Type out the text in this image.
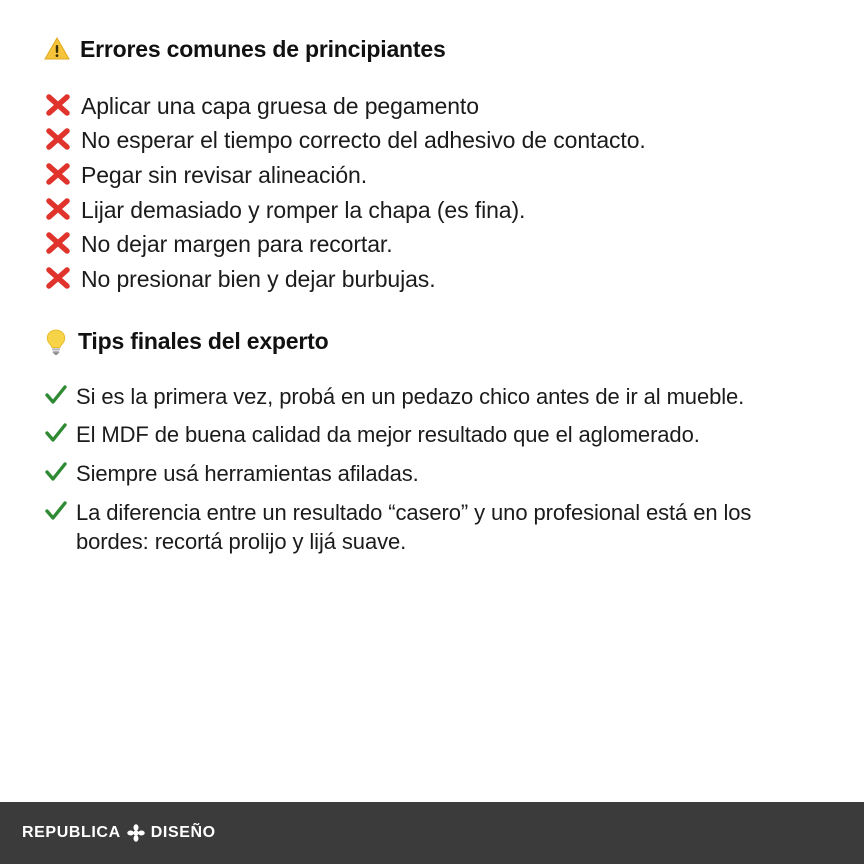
Errores comunes de principiantes
Aplicar una capa gruesa de pegamento
No esperar el tiempo correcto del adhesivo de contacto.
Pegar sin revisar alineación.
Lijar demasiado y romper la chapa (es fina).
No dejar margen para recortar.
No presionar bien y dejar burbujas.
Tips finales del experto
Si es la primera vez, probá en un pedazo chico antes de ir al mueble.
El MDF de buena calidad da mejor resultado que el aglomerado.
Siempre usá herramientas afiladas.
La diferencia entre un resultado “casero” y uno profesional está en los bordes: recortá prolijo y lijá suave.
REPUBLICA DISEÑO
